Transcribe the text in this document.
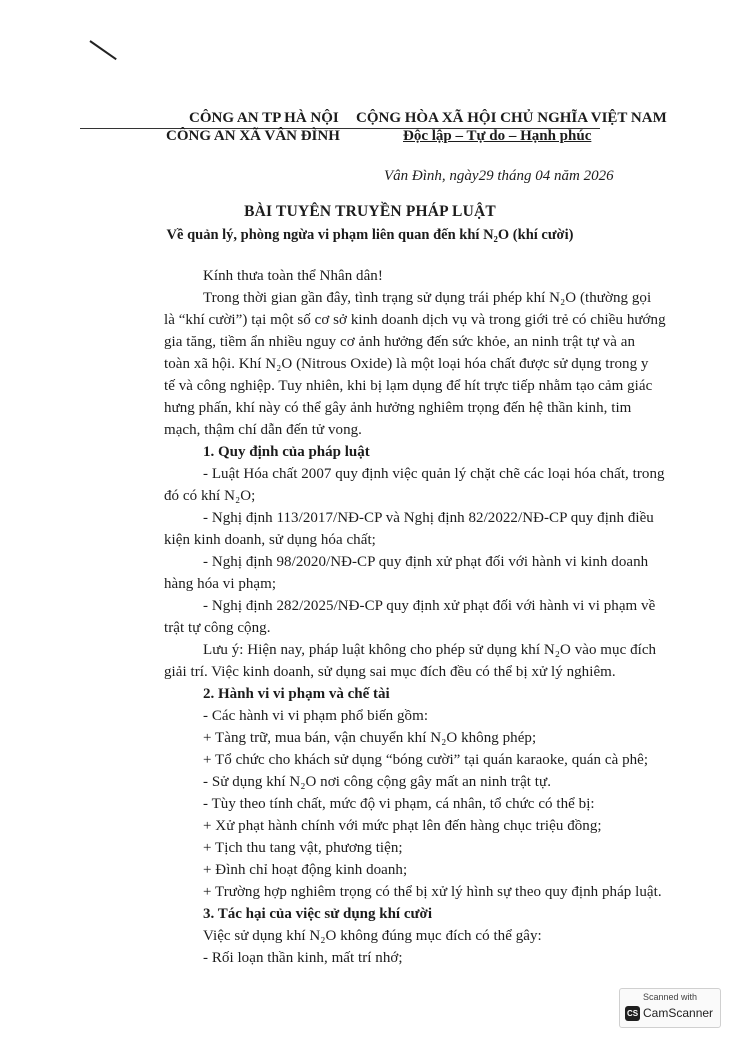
CÔNG AN TP HÀ NỘI
CÔNG AN XÃ VÂN ĐÌNH
CỘNG HÒA XÃ HỘI CHỦ NGHĨA VIỆT NAM
Độc lập – Tự do – Hạnh phúc
Vân Đình, ngày29 tháng 04 năm 2026
BÀI TUYÊN TRUYỀN PHÁP LUẬT
Về quản lý, phòng ngừa vi phạm liên quan đến khí N₂O (khí cười)
Kính thưa toàn thể Nhân dân!
Trong thời gian gần đây, tình trạng sử dụng trái phép khí N₂O (thường gọi
là “khí cười”) tại một số cơ sở kinh doanh dịch vụ và trong giới trẻ có chiều hướng
gia tăng, tiềm ẩn nhiều nguy cơ ảnh hưởng đến sức khỏe, an ninh trật tự và an
toàn xã hội. Khí N₂O (Nitrous Oxide) là một loại hóa chất được sử dụng trong y
tế và công nghiệp. Tuy nhiên, khi bị lạm dụng để hít trực tiếp nhằm tạo cảm giác
hưng phấn, khí này có thể gây ảnh hưởng nghiêm trọng đến hệ thần kinh, tim
mạch, thậm chí dẫn đến tử vong.
1. Quy định của pháp luật
- Luật Hóa chất 2007 quy định việc quản lý chặt chẽ các loại hóa chất, trong
đó có khí N₂O;
- Nghị định 113/2017/NĐ-CP và Nghị định 82/2022/NĐ-CP quy định điều
kiện kinh doanh, sử dụng hóa chất;
- Nghị định 98/2020/NĐ-CP quy định xử phạt đối với hành vi kinh doanh
hàng hóa vi phạm;
- Nghị định 282/2025/NĐ-CP quy định xử phạt đối với hành vi vi phạm về
trật tự công cộng.
Lưu ý: Hiện nay, pháp luật không cho phép sử dụng khí N₂O vào mục đích
giải trí. Việc kinh doanh, sử dụng sai mục đích đều có thể bị xử lý nghiêm.
2. Hành vi vi phạm và chế tài
- Các hành vi vi phạm phổ biến gồm:
+ Tàng trữ, mua bán, vận chuyển khí N₂O không phép;
+ Tổ chức cho khách sử dụng “bóng cười” tại quán karaoke, quán cà phê;
- Sử dụng khí N₂O nơi công cộng gây mất an ninh trật tự.
- Tùy theo tính chất, mức độ vi phạm, cá nhân, tổ chức có thể bị:
+ Xử phạt hành chính với mức phạt lên đến hàng chục triệu đồng;
+ Tịch thu tang vật, phương tiện;
+ Đình chỉ hoạt động kinh doanh;
+ Trường hợp nghiêm trọng có thể bị xử lý hình sự theo quy định pháp luật.
3. Tác hại của việc sử dụng khí cười
Việc sử dụng khí N₂O không đúng mục đích có thể gây:
- Rối loạn thần kinh, mất trí nhớ;
Scanned with
CS CamScanner
